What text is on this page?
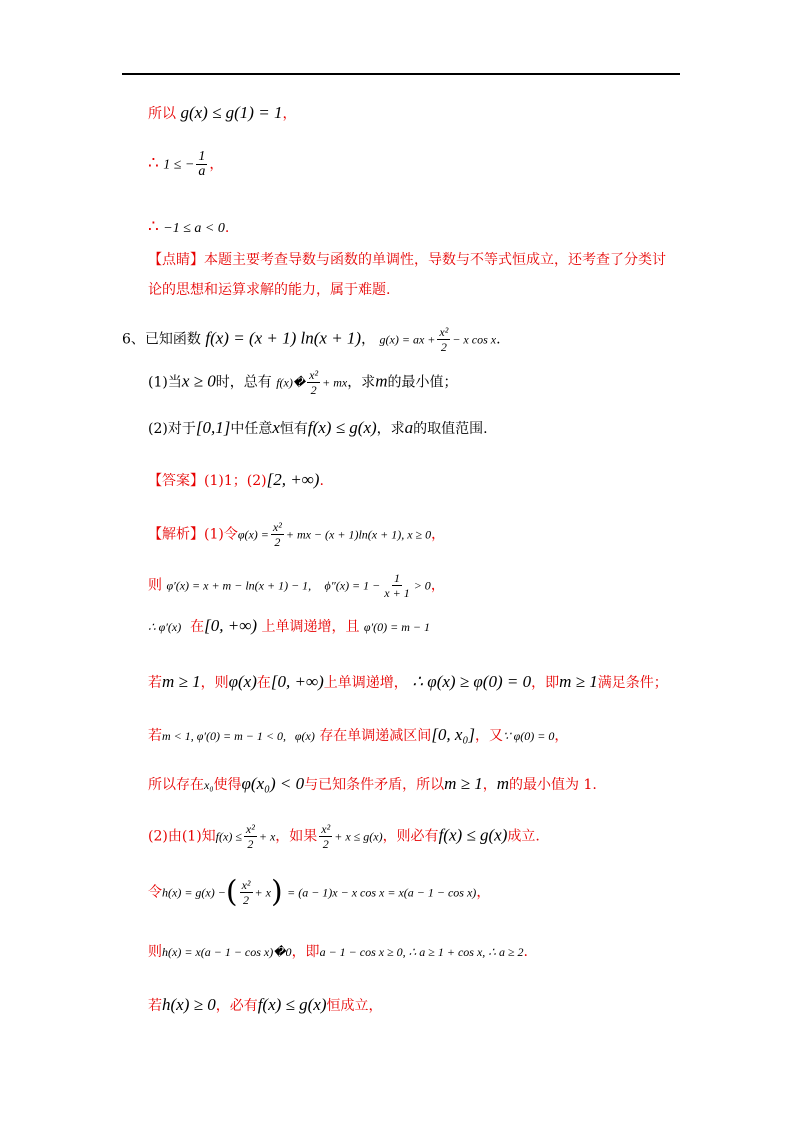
所以 g(x) ≤ g(1) = 1，
∴ 1 ≤ − $\frac{1}{a}$ ，
∴ −1 ≤ a < 0.
【点睛】本题主要考查导数与函数的单调性，导数与不等式恒成立，还考查了分类讨
论的思想和运算求解的能力，属于难题.
6、已知函数 f(x) = (x + 1) ln(x + 1)， g(x) = ax + $\frac{\text{x²}}{2} - x$ cos x.
(1)当x ≥ 0时，总有 f(x)� $\frac{\text{x²}}{2}$ + mx，求m的最小值；
(2)对于[0,1]中任意x恒有f(x) ≤ g(x)，求a的取值范围.
【答案】(1)1；(2)[2, +∞).
【解析】(1)令$\varphi(x) = \frac{\text{x²}}{2}$ + mx − (x + 1)ln(x + 1), x ≥ 0，
则 φ′(x) = x + m − ln(x + 1) − 1, $\phi''(x) = 1 - \frac{1}{x + 1} > 0$，
∴ φ′(x) 在[0, +∞) 上单调递增，且 φ′(0) = m − 1
若m ≥ 1，则φ(x)在[0, +∞)上单调递增， ∴ φ(x) ≥ φ(0) = 0，即m ≥ 1满足条件；
若m < 1, φ′(0) = m − 1 < 0, φ(x) 存在单调递减区间[0, x₀]，又∵ φ(0) = 0，
所以存在x₀使得φ(x₀) < 0与已知条件矛盾，所以m ≥ 1，m的最小值为 1.
(2)由(1)知$f(x) \le \frac{\text{x²}}{2} + x$，如果 $\frac{\text{x²}}{2} + x \le g(x)$，则必有f(x) ≤ g(x)成立.
令h(x) = g(x) −( $\frac{\text{x²}}{2} + x) = (a - 1)x - x$ cos x = x(a − 1 − cos x)，
则h(x) = x(a − 1 − cos x)�0，即a − 1 − cos x ≥ 0, ∴ a ≥ 1 + cos x, ∴ a ≥ 2.
若h(x) ≥ 0，必有f(x) ≤ g(x)恒成立，
